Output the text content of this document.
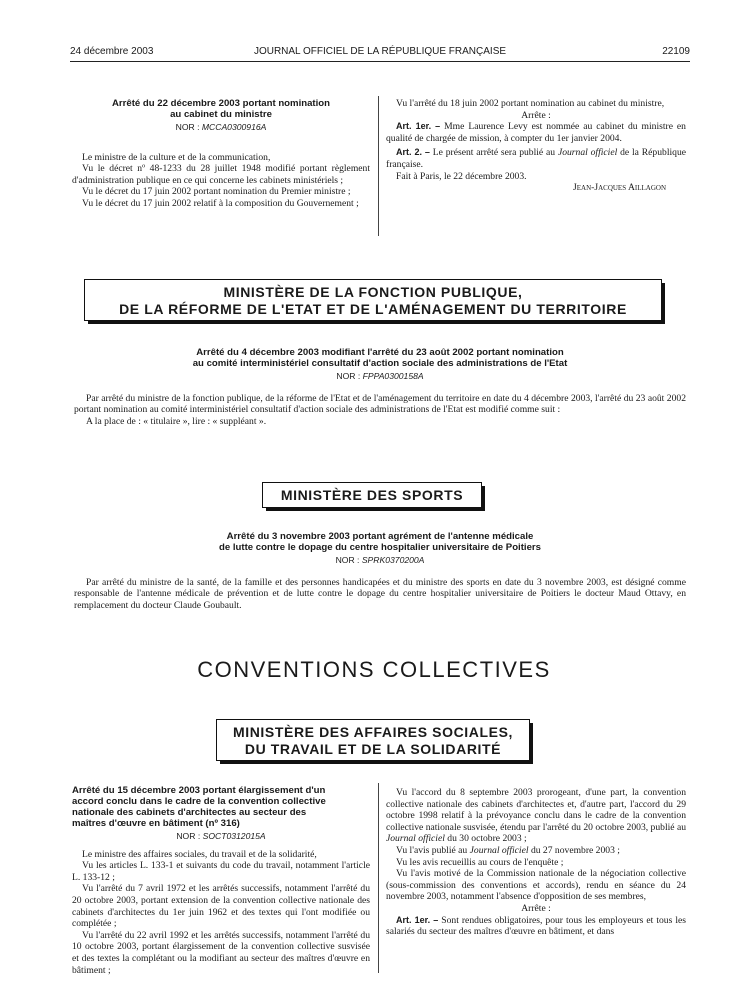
24 décembre 2003	JOURNAL OFFICIEL DE LA RÉPUBLIQUE FRANÇAISE	22109
Arrêté du 22 décembre 2003 portant nomination
au cabinet du ministre
NOR : MCCA0300916A

Le ministre de la culture et de la communication,

Vu le décret nº 48-1233 du 28 juillet 1948 modifié portant règlement d'administration publique en ce qui concerne les cabinets ministériels ;

Vu le décret du 17 juin 2002 portant nomination du Premier ministre ;

Vu le décret du 17 juin 2002 relatif à la composition du Gouvernement ;

Vu l'arrêté du 18 juin 2002 portant nomination au cabinet du ministre,

Arrête :

Art. 1er. – Mme Laurence Levy est nommée au cabinet du ministre en qualité de chargée de mission, à compter du 1er janvier 2004.

Art. 2. – Le présent arrêté sera publié au Journal officiel de la République française.

Fait à Paris, le 22 décembre 2003.

Jean-Jacques Aillagon

MINISTÈRE DE LA FONCTION PUBLIQUE,
DE LA RÉFORME DE L'ETAT ET DE L'AMÉNAGEMENT DU TERRITOIRE
Arrêté du 4 décembre 2003 modifiant l'arrêté du 23 août 2002 portant nomination
au comité interministériel consultatif d'action sociale des administrations de l'Etat
NOR : FPPA0300158A

Par arrêté du ministre de la fonction publique, de la réforme de l'Etat et de l'aménagement du territoire en date du 4 décembre 2003, l'arrêté du 23 août 2002 portant nomination au comité interministériel consultatif d'action sociale des administrations de l'Etat est modifié comme suit :

A la place de : « titulaire », lire : « suppléant ».

MINISTÈRE DES SPORTS
Arrêté du 3 novembre 2003 portant agrément de l'antenne médicale
de lutte contre le dopage du centre hospitalier universitaire de Poitiers
NOR : SPRK0370200A

Par arrêté du ministre de la santé, de la famille et des personnes handicapées et du ministre des sports en date du 3 novembre 2003, est désigné comme responsable de l'antenne médicale de prévention et de lutte contre le dopage du centre hospitalier universitaire de Poitiers le docteur Maud Ottavy, en remplacement du docteur Claude Goubault.

CONVENTIONS COLLECTIVES
MINISTÈRE DES AFFAIRES SOCIALES,
DU TRAVAIL ET DE LA SOLIDARITÉ
Arrêté du 15 décembre 2003 portant élargissement d'un
accord conclu dans le cadre de la convention collective
nationale des cabinets d'architectes au secteur des
maîtres d'œuvre en bâtiment (nº 316)
NOR : SOCT0312015A

Le ministre des affaires sociales, du travail et de la solidarité,

Vu les articles L. 133-1 et suivants du code du travail, notamment l'article L. 133-12 ;

Vu l'arrêté du 7 avril 1972 et les arrêtés successifs, notamment l'arrêté du 20 octobre 2003, portant extension de la convention collective nationale des cabinets d'architectes du 1er juin 1962 et des textes qui l'ont modifiée ou complétée ;

Vu l'arrêté du 22 avril 1992 et les arrêtés successifs, notamment l'arrêté du 10 octobre 2003, portant élargissement de la convention collective susvisée et des textes la complétant ou la modifiant au secteur des maîtres d'œuvre en bâtiment ;

Vu l'accord du 8 septembre 2003 prorogeant, d'une part, la convention collective nationale des cabinets d'architectes et, d'autre part, l'accord du 29 octobre 1998 relatif à la prévoyance conclu dans le cadre de la convention collective nationale susvisée, étendu par l'arrêté du 20 octobre 2003, publié au Journal officiel du 30 octobre 2003 ;

Vu l'avis publié au Journal officiel du 27 novembre 2003 ;

Vu les avis recueillis au cours de l'enquête ;

Vu l'avis motivé de la Commission nationale de la négociation collective (sous-commission des conventions et accords), rendu en séance du 24 novembre 2003, notamment l'absence d'opposition de ses membres,

Arrête :

Art. 1er. – Sont rendues obligatoires, pour tous les employeurs et tous les salariés du secteur des maîtres d'œuvre en bâtiment, et dans
